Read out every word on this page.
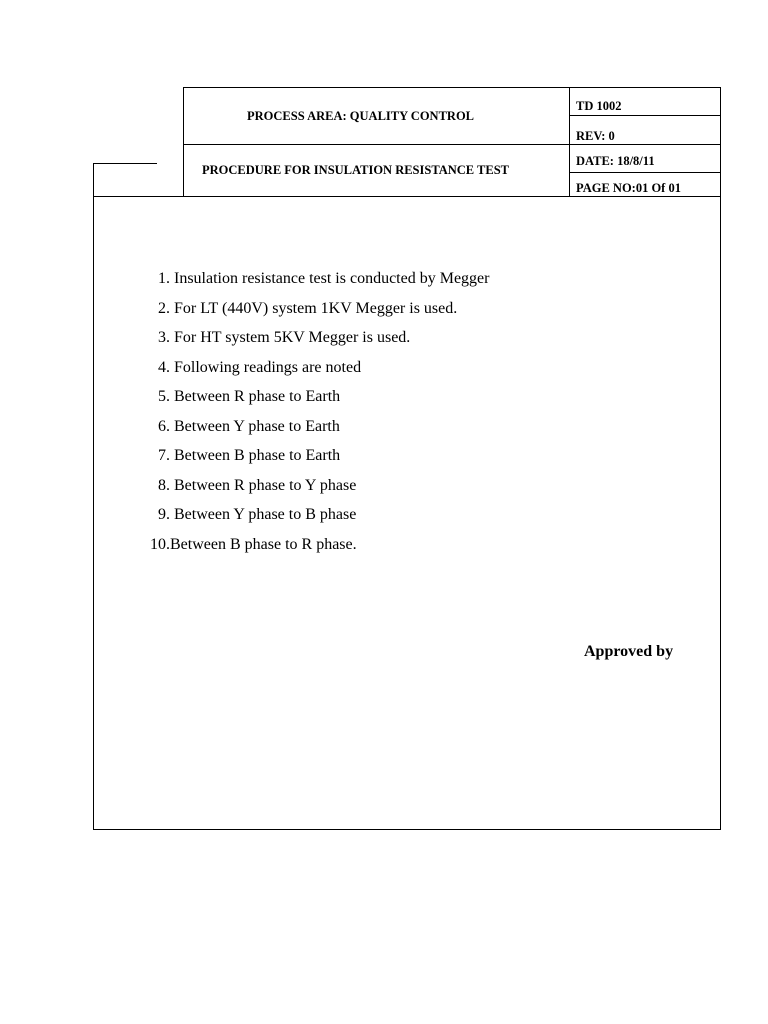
PROCESS AREA: QUALITY CONTROL
PROCEDURE FOR INSULATION RESISTANCE TEST
TD 1002
REV: 0
DATE: 18/8/11
PAGE NO:01 Of 01
1. Insulation resistance test is conducted by Megger
2. For LT (440V) system 1KV Megger is used.
3. For HT system 5KV Megger is used.
4. Following readings are noted
5. Between R phase to Earth
6. Between Y phase to Earth
7. Between B phase to Earth
8. Between R phase to Y phase
9. Between Y phase to B phase
10. Between B phase to R phase.
Approved by
